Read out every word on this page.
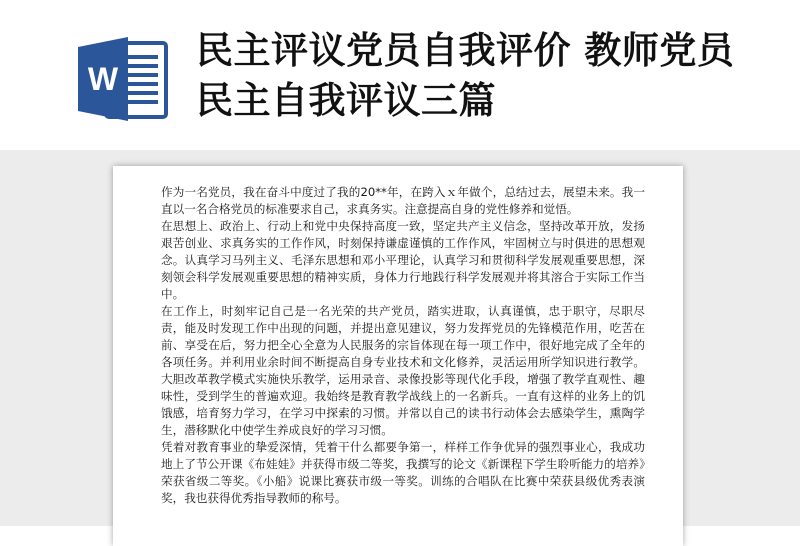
W
民主评议党员自我评价 教师党员民主自我评议三篇

作为一名党员，我在奋斗中度过了我的20**年，在跨入ｘ年做个，总结过去，展望未来。我一直以一名合格党员的标准要求自己，求真务实。注意提高自身的党性修养和觉悟。

在思想上、政治上、行动上和党中央保持高度一致，坚定共产主义信念，坚持改革开放，发扬艰苦创业、求真务实的工作作风，时刻保持谦虚谨慎的工作作风，牢固树立与时俱进的思想观念。认真学习马列主义、毛泽东思想和邓小平理论，认真学习和贯彻科学发展观重要思想，深刻领会科学发展观重要思想的精神实质，身体力行地践行科学发展观并将其溶合于实际工作当中。

在工作上，时刻牢记自己是一名光荣的共产党员，踏实进取，认真谨慎，忠于职守，尽职尽责，能及时发现工作中出现的问题，并提出意见建议，努力发挥党员的先锋模范作用，吃苦在前、享受在后，努力把全心全意为人民服务的宗旨体现在每一项工作中，很好地完成了全年的各项任务。并利用业余时间不断提高自身专业技术和文化修养，灵活运用所学知识进行教学。大胆改革教学模式实施快乐教学，运用录音、录像投影等现代化手段，增强了教学直观性、趣味性，受到学生的普遍欢迎。我始终是教育教学战线上的一名新兵。一直有这样的业务上的饥饿感，培育努力学习，在学习中探索的习惯。并常以自己的读书行动体会去感染学生，熏陶学生，潜移默化中使学生养成良好的学习习惯。

凭着对教育事业的挚爱深情，凭着干什么都要争第一，样样工作争优异的强烈事业心，我成功地上了节公开课《布娃娃》并获得市级二等奖，我撰写的论文《新课程下学生聆听能力的培养》荣获省级二等奖。《小船》说课比赛获市级一等奖。训练的合唱队在比赛中荣获县级优秀表演奖，我也获得优秀指导教师的称号。
